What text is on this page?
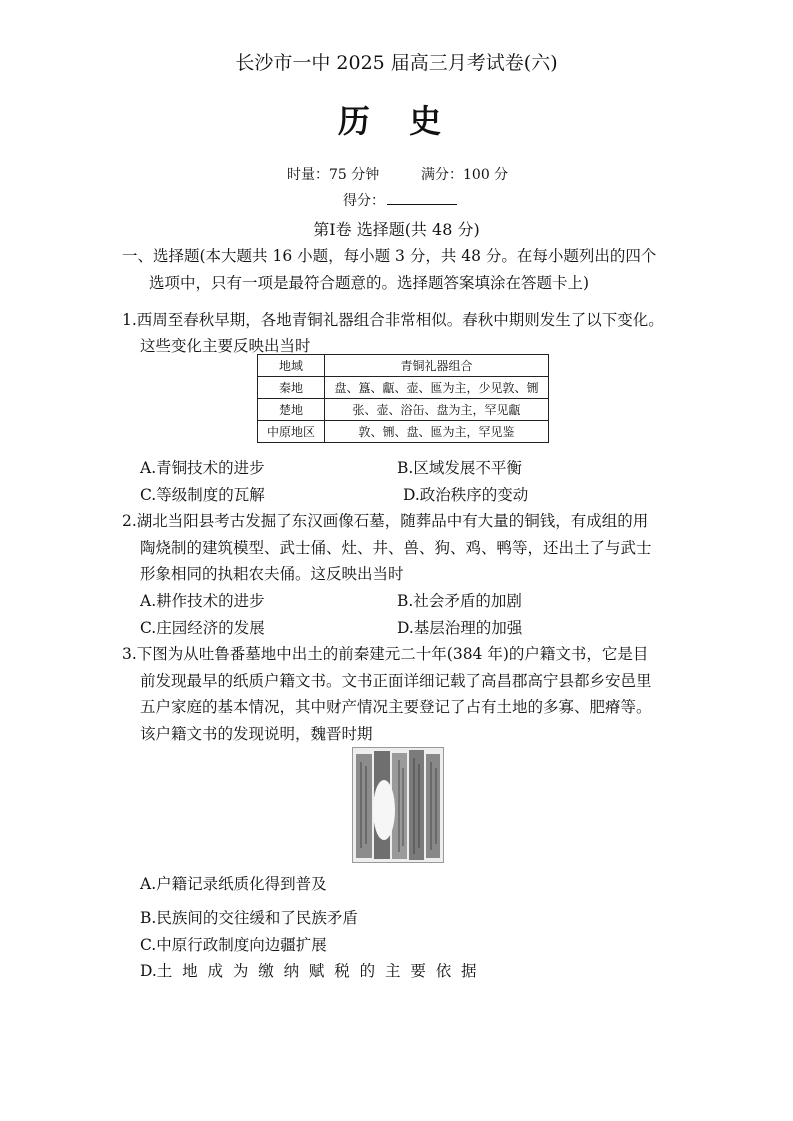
长沙市一中 2025 届高三月考试卷(六)
历 史
时量：75 分钟	满分：100 分
得分：
第Ⅰ卷 选择题(共 48 分)
一、选择题(本大题共 16 小题，每小题 3 分，共 48 分。在每小题列出的四个
选项中，只有一项是最符合题意的。选择题答案填涂在答题卡上)
1.西周至春秋早期，各地青铜礼器组合非常相似。春秋中期则发生了以下变化。
这些变化主要反映出当时
地域	青铜礼器组合
秦地	盘、簋、甗、壶、匜为主，少见敦、铏
楚地	张、壶、浴缶、盘为主，罕见甗
中原地区	敦、铏、盘、匜为主，罕见鉴
A.青铜技术的进步	B.区域发展不平衡
C.等级制度的瓦解	D.政治秩序的变动
2.湖北当阳县考古发掘了东汉画像石墓，随葬品中有大量的铜钱，有成组的用
陶烧制的建筑模型、武士俑、灶、井、兽、狗、鸡、鸭等，还出土了与武士
形象相同的执耜农夫俑。这反映出当时
A.耕作技术的进步	B.社会矛盾的加剧
C.庄园经济的发展	D.基层治理的加强
3.下图为从吐鲁番墓地中出土的前秦建元二十年(384 年)的户籍文书，它是目
前发现最早的纸质户籍文书。文书正面详细记载了高昌郡高宁县都乡安邑里
五户家庭的基本情况，其中财产情况主要登记了占有土地的多寡、肥瘠等。
该户籍文书的发现说明，魏晋时期
A.户籍记录纸质化得到普及
B.民族间的交往缓和了民族矛盾
C.中原行政制度向边疆扩展
D.土  地  成  为  缴  纳  赋  税  的  主  要  依  据
